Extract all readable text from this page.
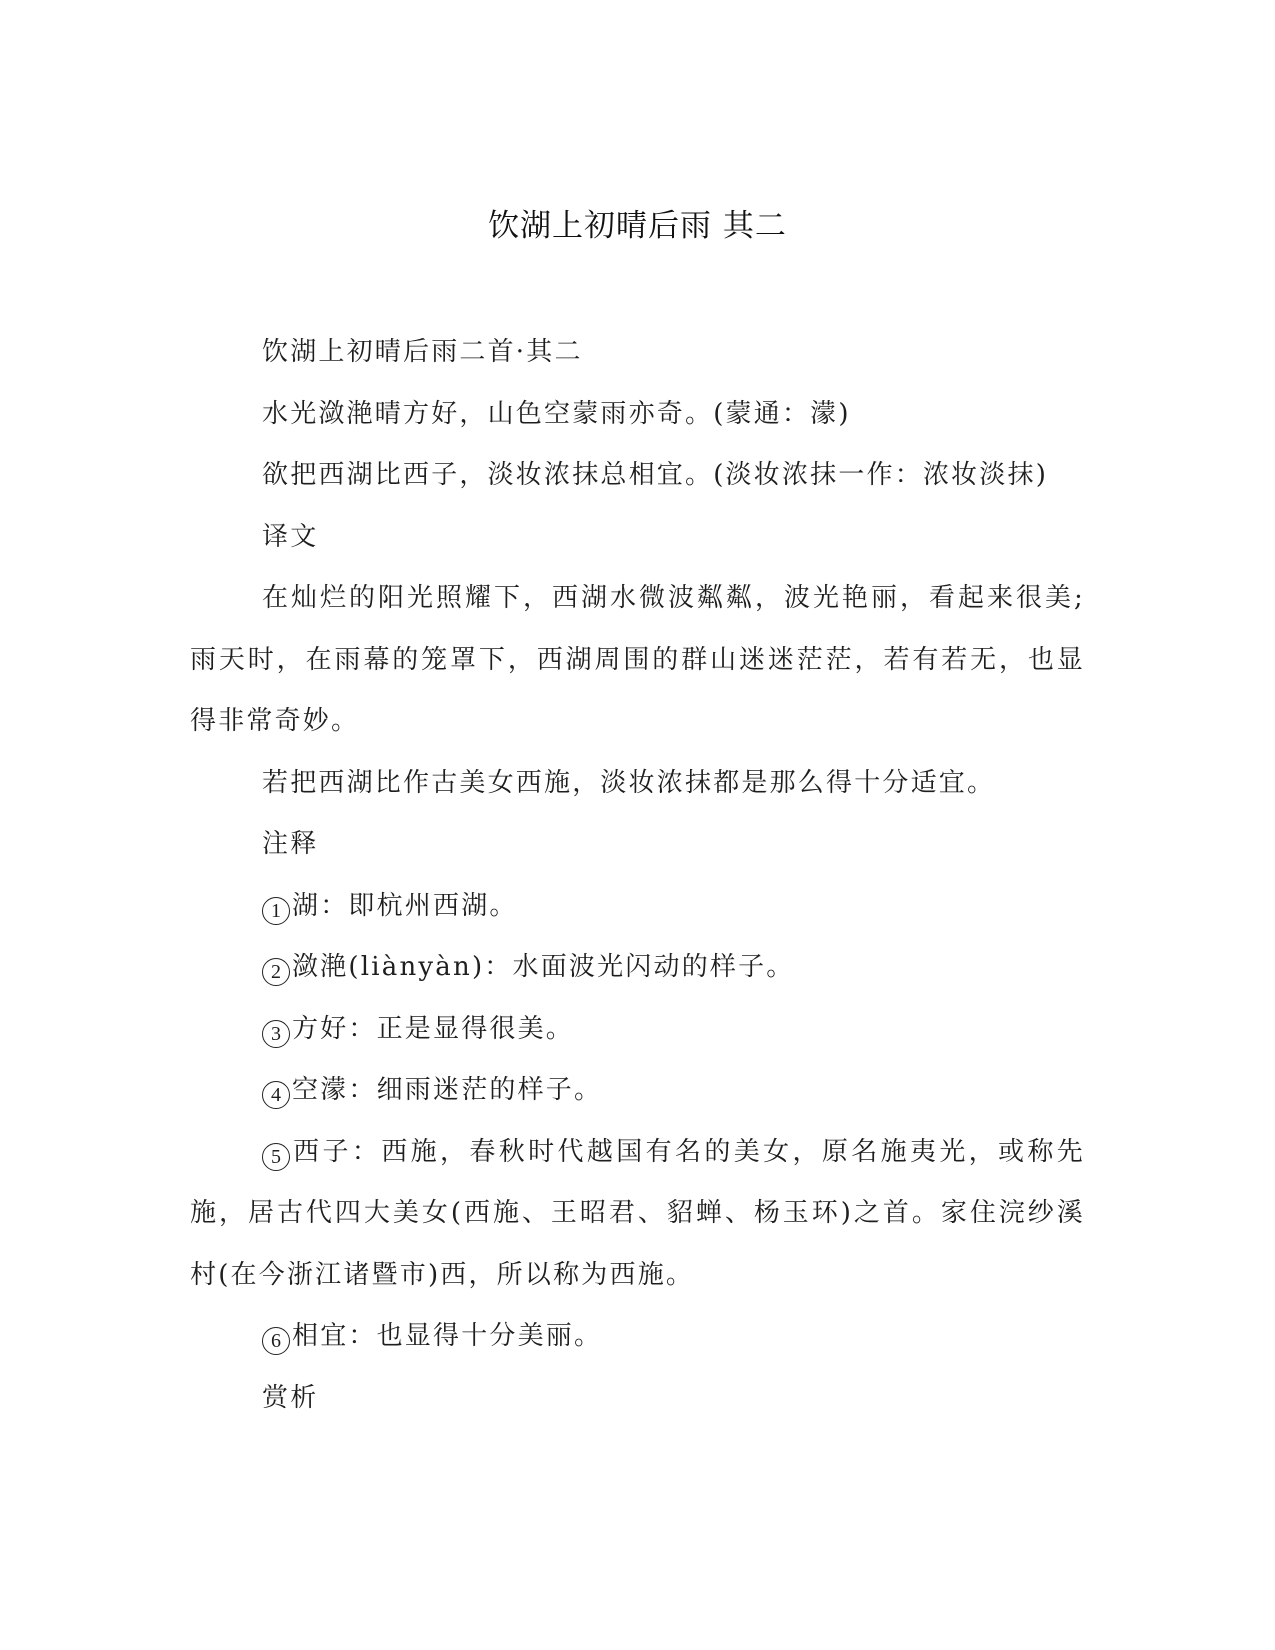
饮湖上初晴后雨 其二

饮湖上初晴后雨二首·其二

水光潋滟晴方好，山色空蒙雨亦奇。(蒙通：濛)

欲把西湖比西子，淡妆浓抹总相宜。(淡妆浓抹一作：浓妆淡抹)

译文

在灿烂的阳光照耀下，西湖水微波粼粼，波光艳丽，看起来很美;雨天时，在雨幕的笼罩下，西湖周围的群山迷迷茫茫，若有若无，也显得非常奇妙。

若把西湖比作古美女西施，淡妆浓抹都是那么得十分适宜。

注释

1 湖：即杭州西湖。

2 潋滟(liànyàn)：水面波光闪动的样子。

3 方好：正是显得很美。

4 空濛：细雨迷茫的样子。

5 西子：西施，春秋时代越国有名的美女，原名施夷光，或称先施，居古代四大美女(西施、王昭君、貂蝉、杨玉环)之首。家住浣纱溪村(在今浙江诸暨市)西，所以称为西施。

6 相宜：也显得十分美丽。

赏析
